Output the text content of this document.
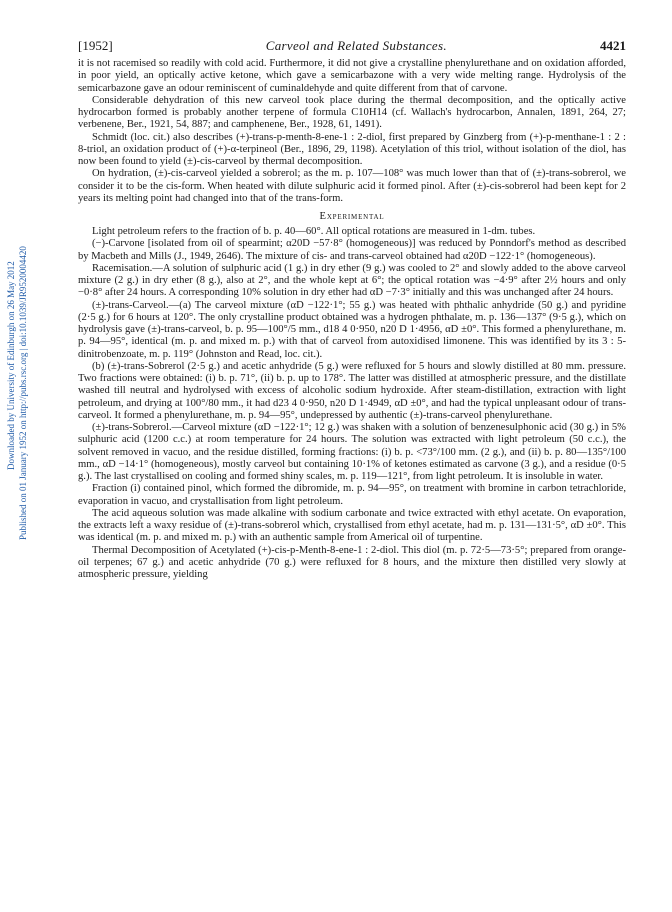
Downloaded by University of Edinburgh on 26 May 2012 Published on 01 January 1952 on http://pubs.rsc.org | doi:10.1039/JR9520004420
[1952]	Carveol and Related Substances.	4421

it is not racemised so readily with cold acid. Furthermore, it did not give a crystalline phenylurethane and on oxidation afforded, in poor yield, an optically active ketone, which gave a semicarbazone with a very wide melting range. Hydrolysis of the semicarbazone gave an odour reminiscent of cuminaldehyde and quite different from that of carvone.

Considerable dehydration of this new carveol took place during the thermal decomposition, and the optically active hydrocarbon formed is probably another terpene of formula C10H14 (cf. Wallach's hydrocarbon, Annalen, 1891, 264, 27; verbenene, Ber., 1921, 54, 887; and camphenene, Ber., 1928, 61, 1491).

Schmidt (loc. cit.) also describes (+)-trans-p-menth-8-ene-1 : 2-diol, first prepared by Ginzberg from (+)-p-menthane-1 : 2 : 8-triol, an oxidation product of (+)-α-terpineol (Ber., 1896, 29, 1198). Acetylation of this triol, without isolation of the diol, has now been found to yield (±)-cis-carveol by thermal decomposition.

On hydration, (±)-cis-carveol yielded a sobrerol; as the m. p. 107—108° was much lower than that of (±)-trans-sobrerol, we consider it to be the cis-form. When heated with dilute sulphuric acid it formed pinol. After (±)-cis-sobrerol had been kept for 2 years its melting point had changed into that of the trans-form.

Experimental

Light petroleum refers to the fraction of b. p. 40—60°. All optical rotations are measured in 1-dm. tubes.

(−)-Carvone [isolated from oil of spearmint; α20D −57·8° (homogeneous)] was reduced by Ponndorf's method as described by Macbeth and Mills (J., 1949, 2646). The mixture of cis- and trans-carveol obtained had α20D −122·1° (homogeneous).

Racemisation.—A solution of sulphuric acid (1 g.) in dry ether (9 g.) was cooled to 2° and slowly added to the above carveol mixture (2 g.) in dry ether (8 g.), also at 2°, and the whole kept at 6°; the optical rotation was −4·9° after 2½ hours and only −0·8° after 24 hours. A corresponding 10% solution in dry ether had αD −7·3° initially and this was unchanged after 24 hours.

(±)-trans-Carveol.—(a) The carveol mixture (αD −122·1°; 55 g.) was heated with phthalic anhydride (50 g.) and pyridine (2·5 g.) for 6 hours at 120°. The only crystalline product obtained was a hydrogen phthalate, m. p. 136—137° (9·5 g.), which on hydrolysis gave (±)-trans-carveol, b. p. 95—100°/5 mm., d18 4 0·950, n20 D 1·4956, αD ±0°. This formed a phenylurethane, m. p. 94—95°, identical (m. p. and mixed m. p.) with that of carveol from autoxidised limonene. This was identified by its 3 : 5-dinitrobenzoate, m. p. 119° (Johnston and Read, loc. cit.).

(b) (±)-trans-Sobrerol (2·5 g.) and acetic anhydride (5 g.) were refluxed for 5 hours and slowly distilled at 80 mm. pressure. Two fractions were obtained: (i) b. p. 71°, (ii) b. p. up to 178°. The latter was distilled at atmospheric pressure, and the distillate washed till neutral and hydrolysed with excess of alcoholic sodium hydroxide. After steam-distillation, extraction with light petroleum, and drying at 100°/80 mm., it had d23 4 0·950, n20 D 1·4949, αD ±0°, and had the typical unpleasant odour of trans-carveol. It formed a phenylurethane, m. p. 94—95°, undepressed by authentic (±)-trans-carveol phenylurethane.

(±)-trans-Sobrerol.—Carveol mixture (αD −122·1°; 12 g.) was shaken with a solution of benzenesulphonic acid (30 g.) in 5% sulphuric acid (1200 c.c.) at room temperature for 24 hours. The solution was extracted with light petroleum (50 c.c.), the solvent removed in vacuo, and the residue distilled, forming fractions: (i) b. p. <73°/100 mm. (2 g.), and (ii) b. p. 80—135°/100 mm., αD −14·1° (homogeneous), mostly carveol but containing 10·1% of ketones estimated as carvone (3 g.), and a residue (0·5 g.). The last crystallised on cooling and formed shiny scales, m. p. 119—121°, from light petroleum. It is insoluble in water.

Fraction (i) contained pinol, which formed the dibromide, m. p. 94—95°, on treatment with bromine in carbon tetrachloride, evaporation in vacuo, and crystallisation from light petroleum.

The acid aqueous solution was made alkaline with sodium carbonate and twice extracted with ethyl acetate. On evaporation, the extracts left a waxy residue of (±)-trans-sobrerol which, crystallised from ethyl acetate, had m. p. 131—131·5°, αD ±0°. This was identical (m. p. and mixed m. p.) with an authentic sample from Americal oil of turpentine.

Thermal Decomposition of Acetylated (+)-cis-p-Menth-8-ene-1 : 2-diol. This diol (m. p. 72·5—73·5°; prepared from orange-oil terpenes; 67 g.) and acetic anhydride (70 g.) were refluxed for 8 hours, and the mixture then distilled very slowly at atmospheric pressure, yielding
